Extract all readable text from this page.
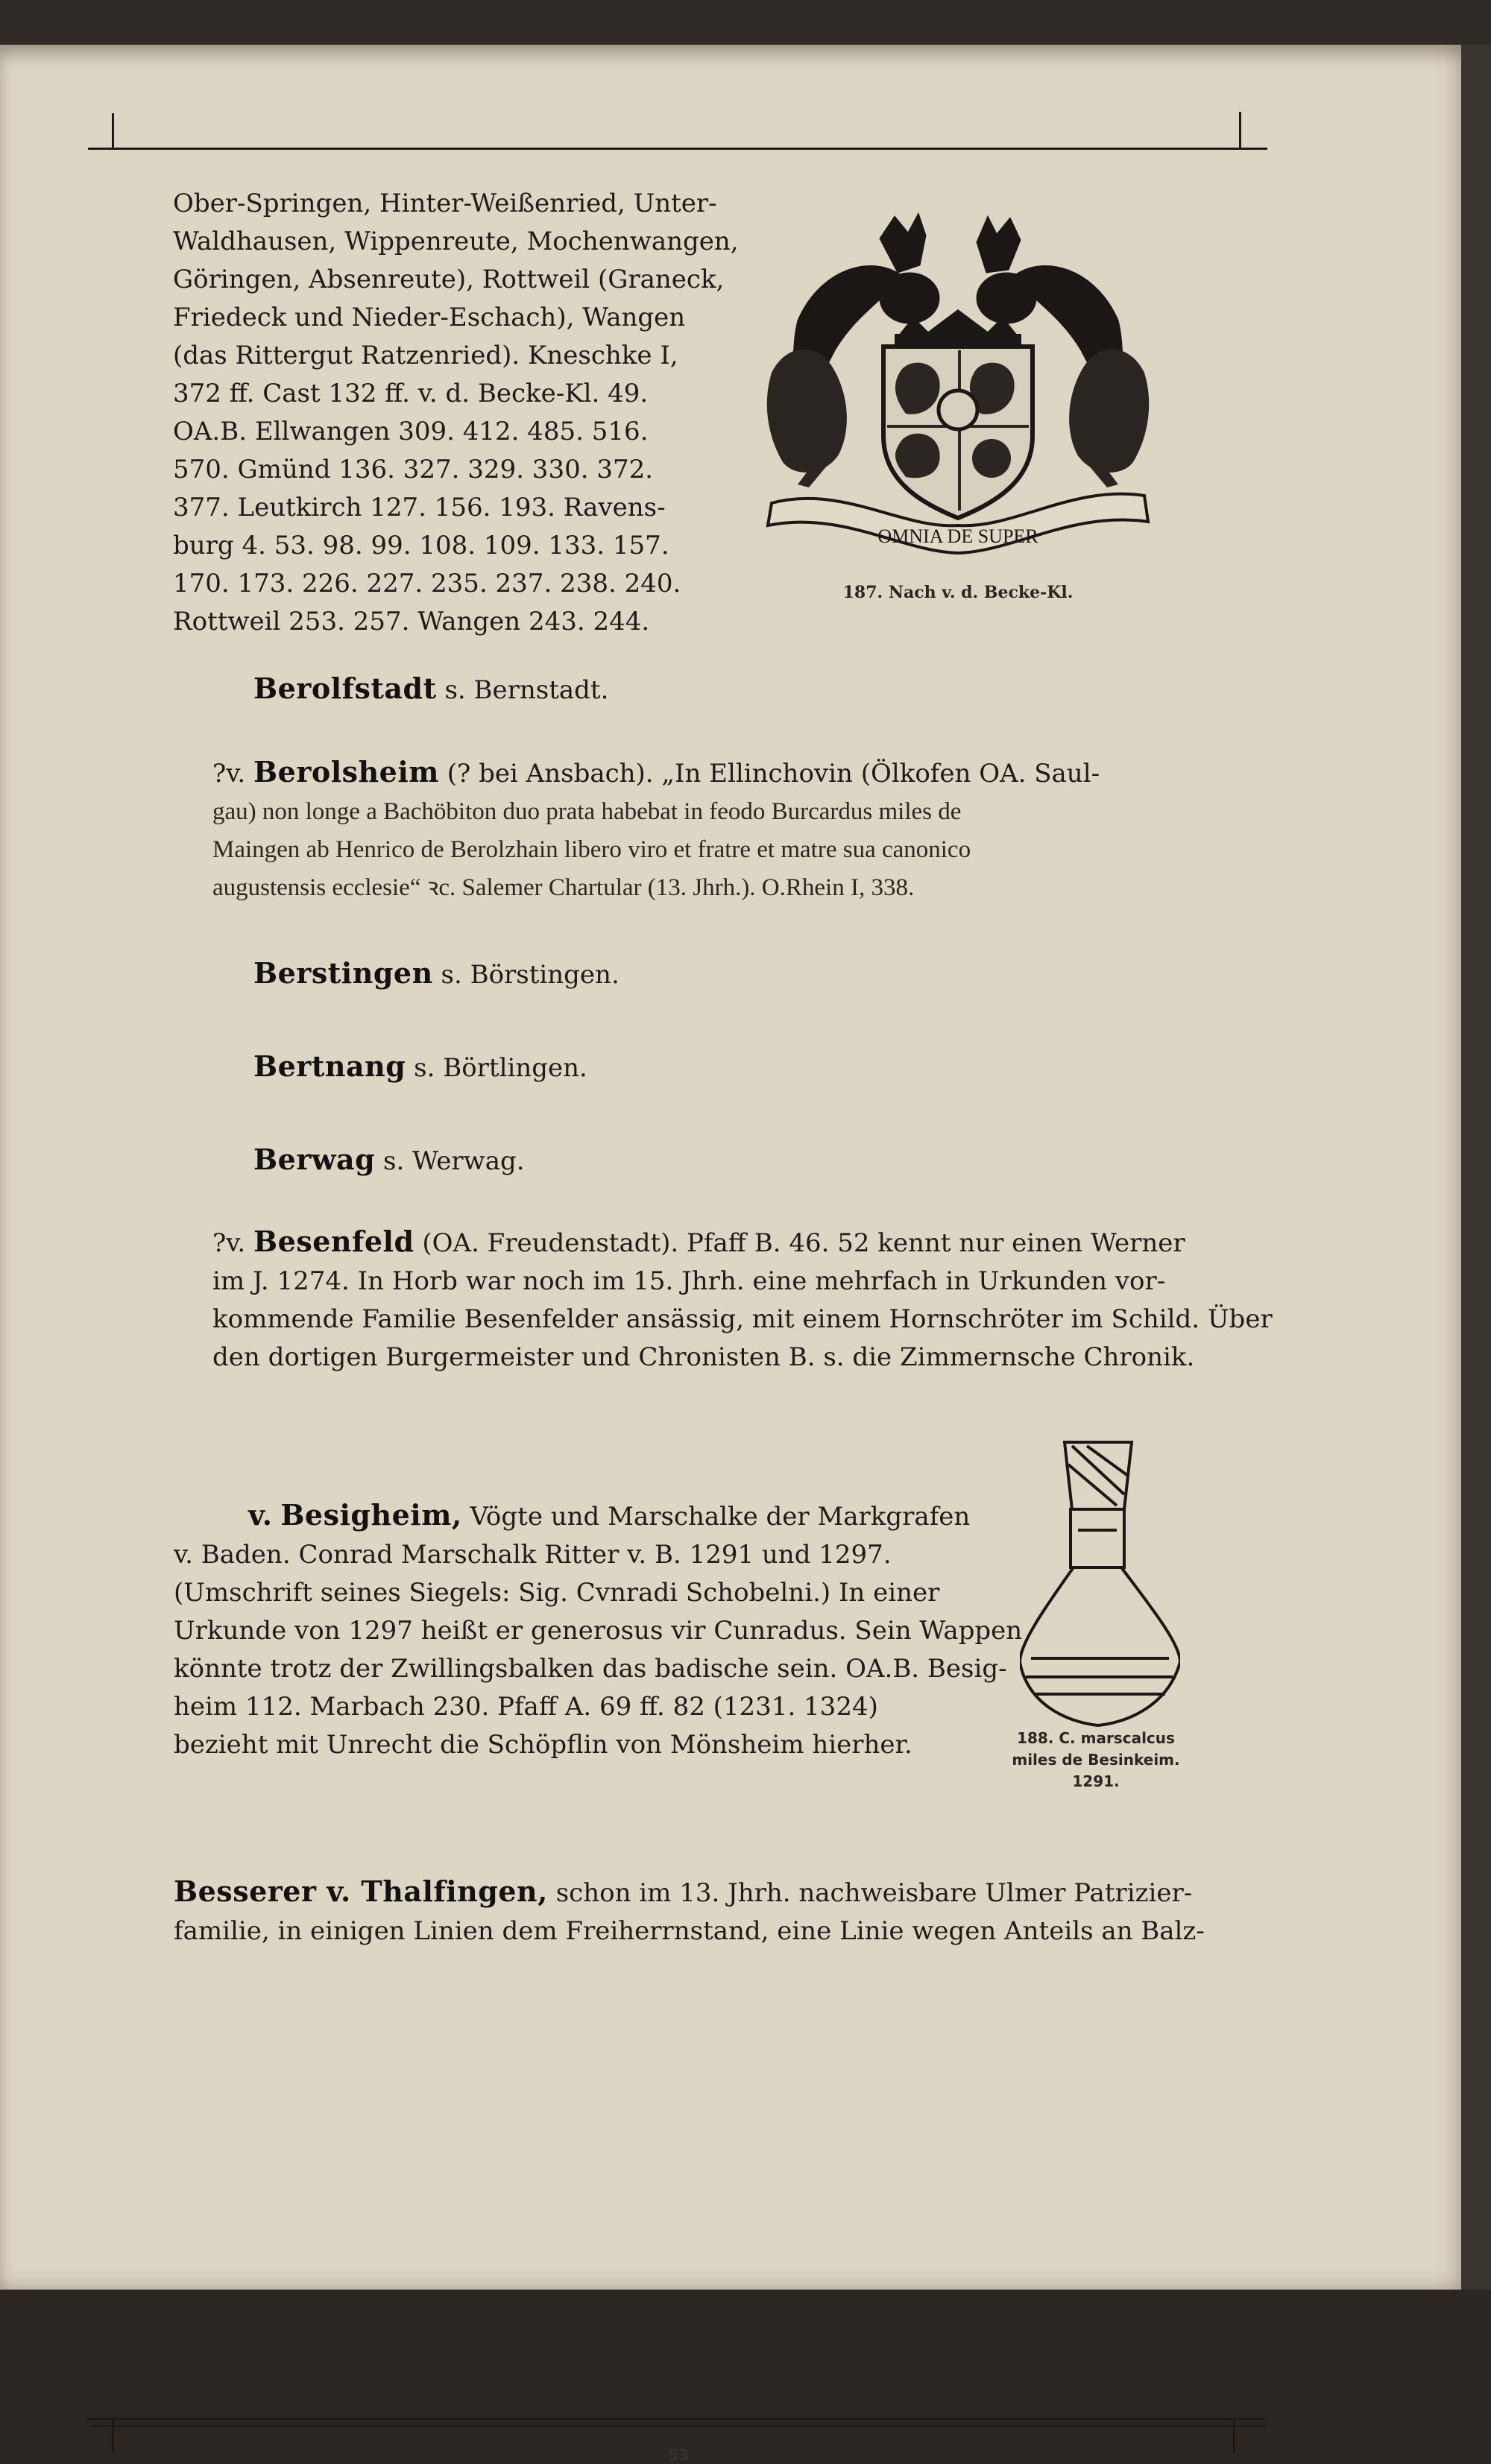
Ober-Springen, Hinter-Weißenried, Unter-
Waldhausen, Wippenreute, Mochenwangen,
Göringen, Absenreute), Rottweil (Graneck,
Friedeck und Nieder-Eschach), Wangen
(das Rittergut Ratzenried). Kneschke I,
372 ff. Cast 132 ff. v. d. Becke-Kl. 49.
OA.B. Ellwangen 309. 412. 485. 516.
570. Gmünd 136. 327. 329. 330. 372.
377. Leutkirch 127. 156. 193. Ravens-
burg 4. 53. 98. 99. 108. 109. 133. 157.
170. 173. 226. 227. 235. 237. 238. 240.
Rottweil 253. 257. Wangen 243. 244.
OMNIA DE SUPER
187. Nach v. d. Becke-Kl.
Berolfstadt s. Bernstadt.
?v. Berolsheim (? bei Ansbach). „In Ellinchovin (Ölkofen OA. Saul-
gau) non longe a Bachöbiton duo prata habebat in feodo Burcardus miles de
Maingen ab Henrico de Berolzhain libero viro et fratre et matre sua canonico
augustensis ecclesie“ ꝛc. Salemer Chartular (13. Jhrh.). O.Rhein I, 338.
Berstingen s. Börstingen.
Bertnang s. Börtlingen.
Berwag s. Werwag.
?v. Besenfeld (OA. Freudenstadt). Pfaff B. 46. 52 kennt nur einen Werner
im J. 1274. In Horb war noch im 15. Jhrh. eine mehrfach in Urkunden vor-
kommende Familie Besenfelder ansässig, mit einem Hornschröter im Schild. Über
den dortigen Burgermeister und Chronisten B. s. die Zimmernsche Chronik.
v. Besigheim, Vögte und Marschalke der Markgrafen
v. Baden. Conrad Marschalk Ritter v. B. 1291 und 1297.
(Umschrift seines Siegels: Sig. Cvnradi Schobelni.) In einer
Urkunde von 1297 heißt er generosus vir Cunradus. Sein Wappen
könnte trotz der Zwillingsbalken das badische sein. OA.B. Besig-
heim 112. Marbach 230. Pfaff A. 69 ff. 82 (1231. 1324)
bezieht mit Unrecht die Schöpflin von Mönsheim hierher.	188. C. marscalcus
miles de Besinkeim.
1291.
Besserer v. Thalfingen, schon im 13. Jhrh. nachweisbare Ulmer Patrizier-
familie, in einigen Linien dem Freiherrnstand, eine Linie wegen Anteils an Balz-
53
